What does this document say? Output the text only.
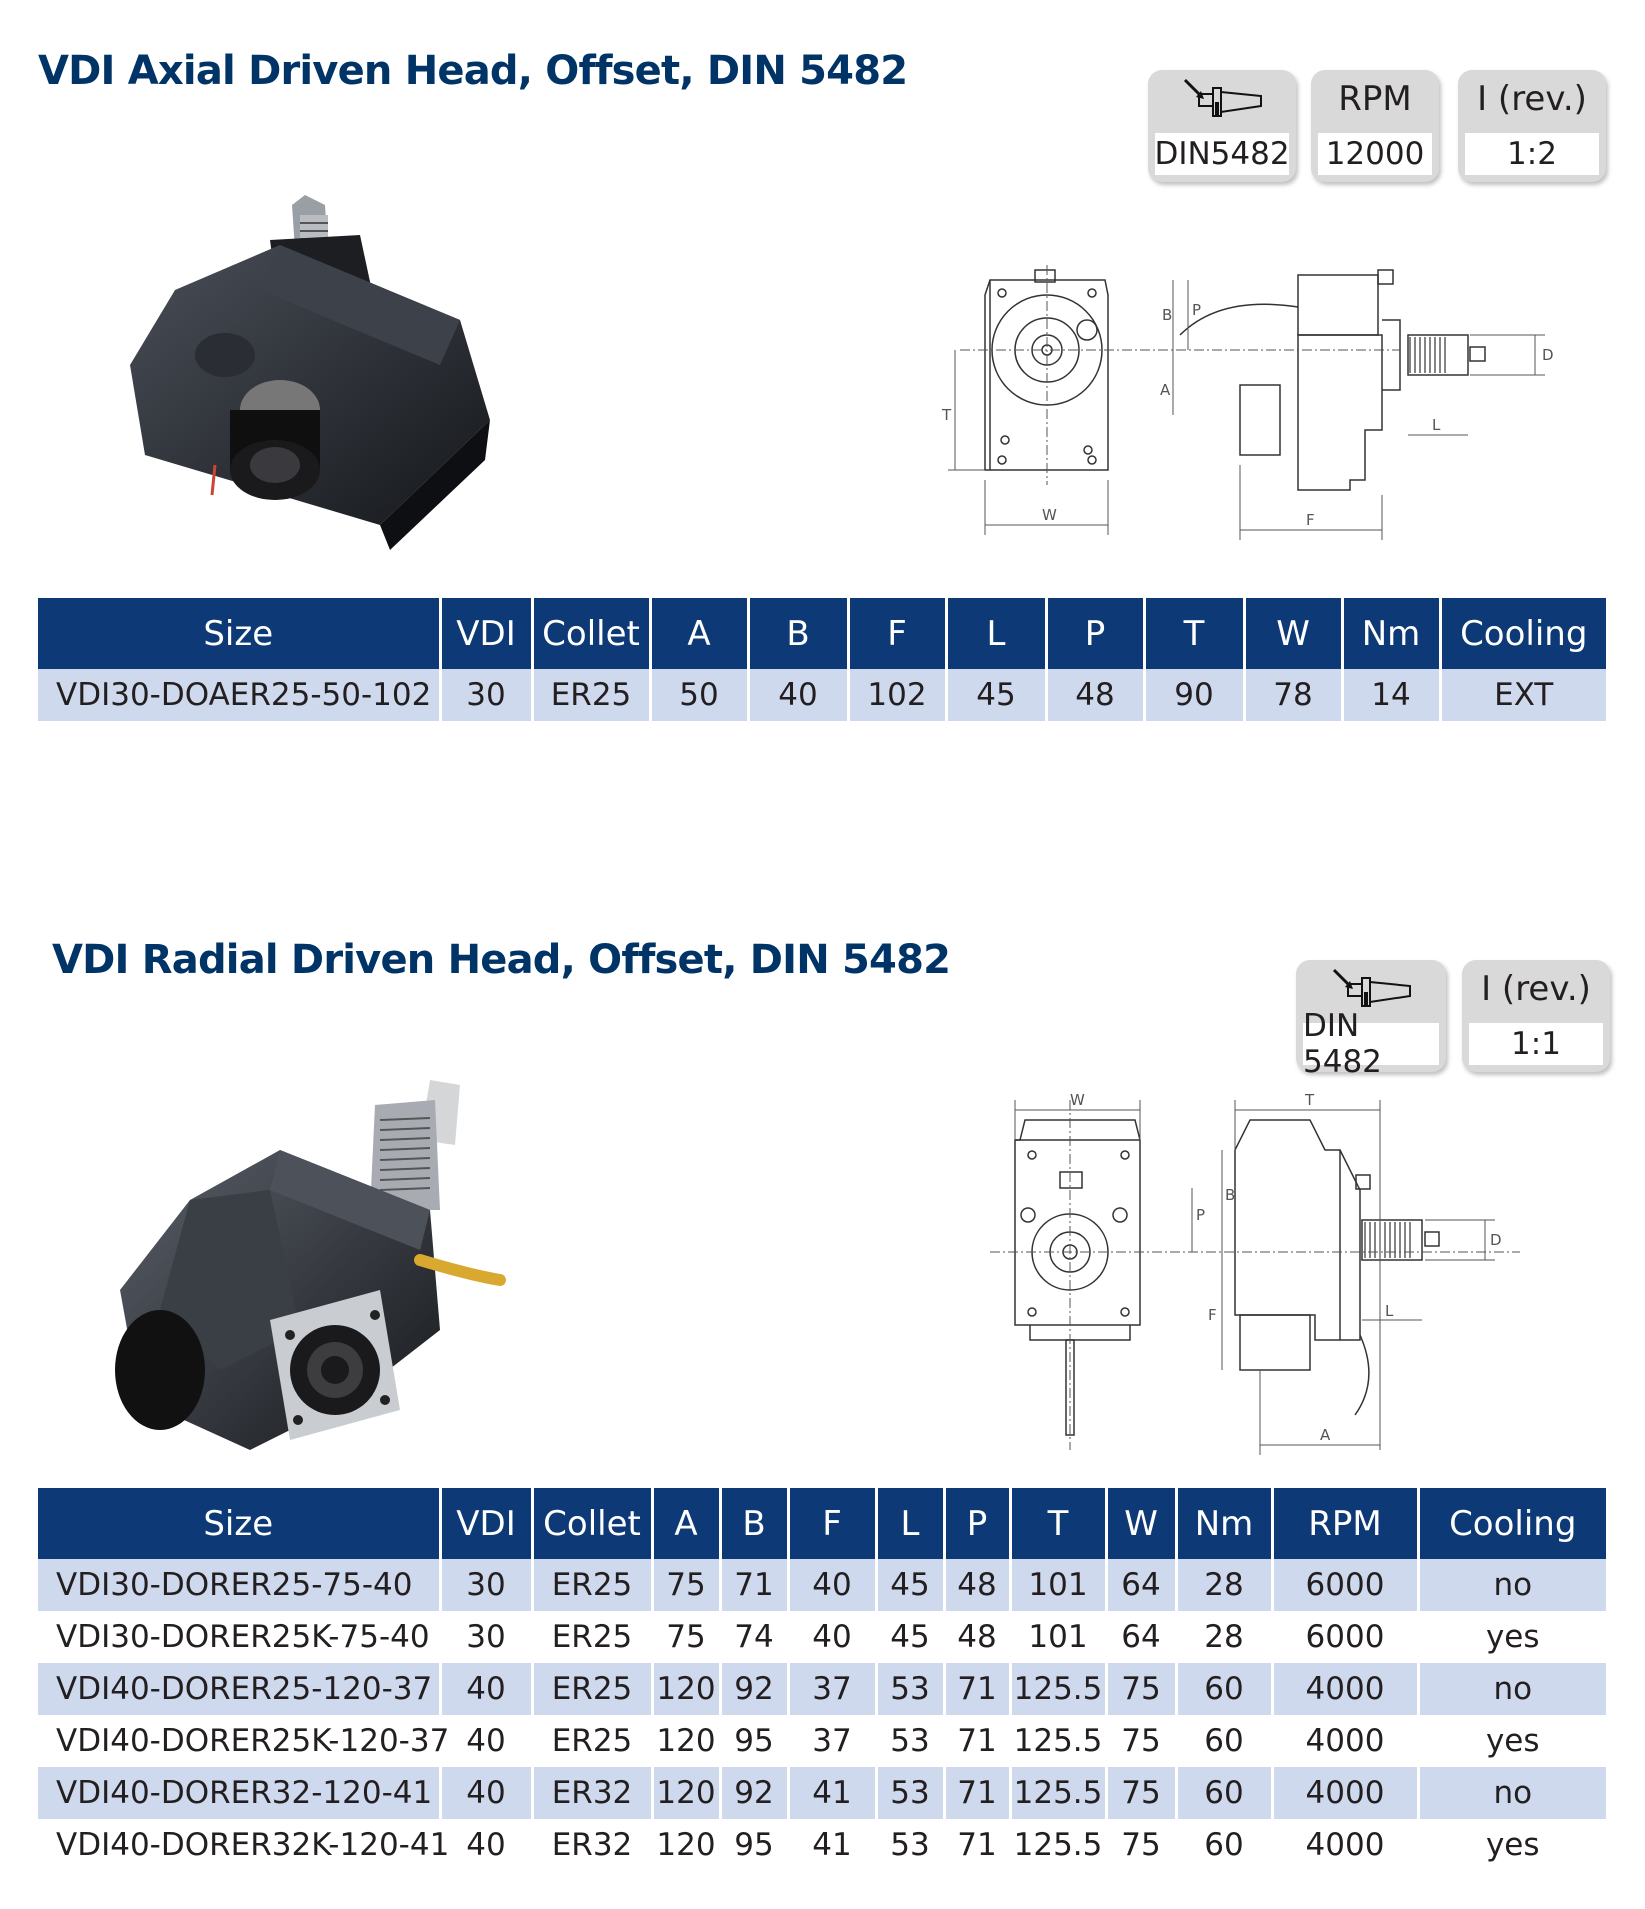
VDI Axial Driven Head, Offset, DIN 5482
DIN5482
RPM
12000
I (rev.)
1:2
W
T
B P
A
F
L
D
Size	VDI	Collet	A	B	F	L	P	T	W	Nm	Cooling
VDI30-DOAER25-50-102	30	ER25	50	40	102	45	48	90	78	14	EXT
VDI Radial Driven Head, Offset, DIN 5482
DIN 5482
I (rev.)
1:1
W	T
B
P
F	L
D
A
Size	VDI	Collet	A	B	F	L	P	T	W	Nm	RPM	Cooling
VDI30-DORER25-75-40	30	ER25	75	71	40	45	48	101	64	28	6000	no
VDI30-DORER25K-75-40	30	ER25	75	74	40	45	48	101	64	28	6000	yes
VDI40-DORER25-120-37	40	ER25	120	92	37	53	71	125.5	75	60	4000	no
VDI40-DORER25K-120-37	40	ER25	120	95	37	53	71	125.5	75	60	4000	yes
VDI40-DORER32-120-41	40	ER32	120	92	41	53	71	125.5	75	60	4000	no
VDI40-DORER32K-120-41	40	ER32	120	95	41	53	71	125.5	75	60	4000	yes
